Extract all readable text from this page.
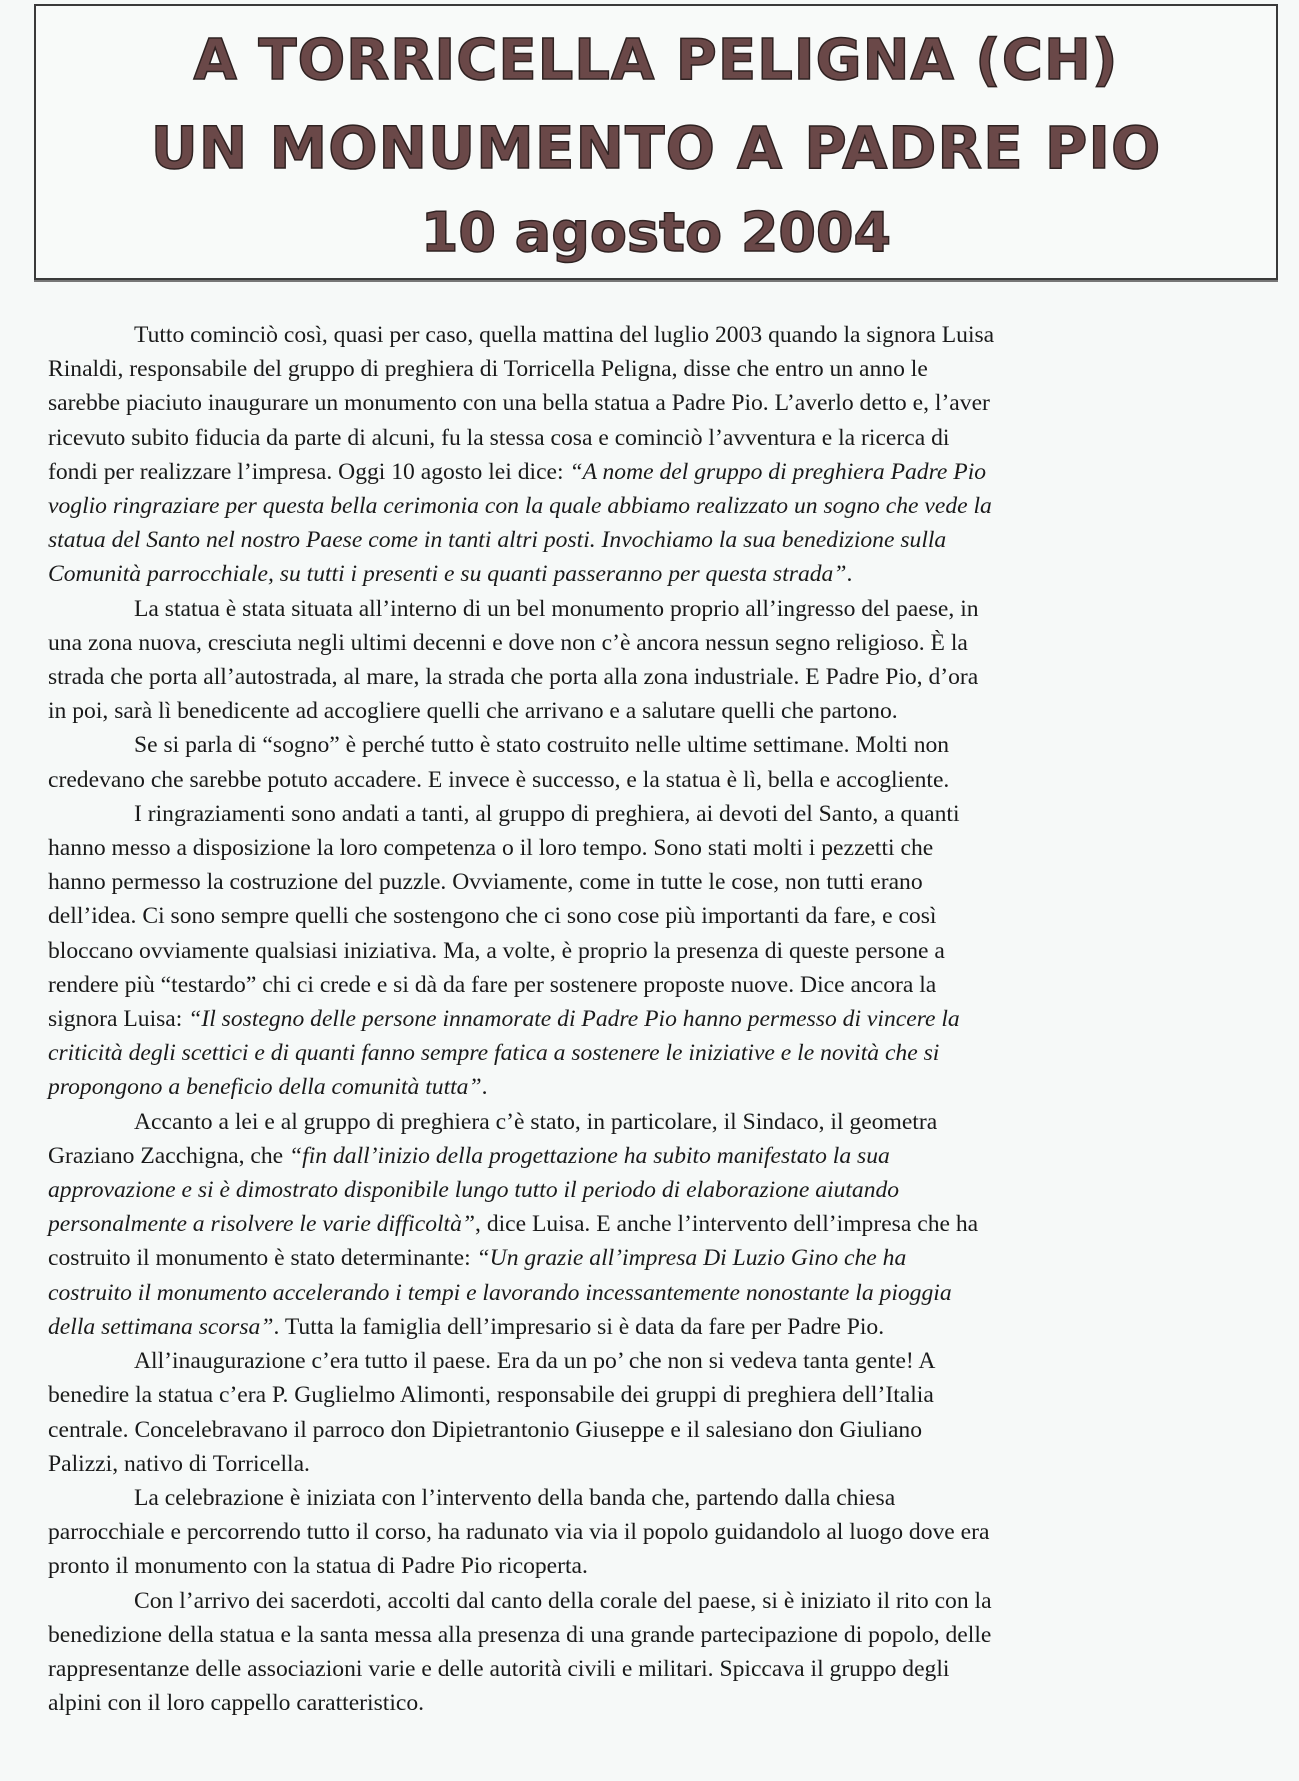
A TORRICELLA PELIGNA (CH)
UN MONUMENTO A PADRE PIO
10 agosto 2004
Tutto cominciò così, quasi per caso, quella mattina del luglio 2003 quando la signora Luisa
Rinaldi, responsabile del gruppo di preghiera di Torricella Peligna, disse che entro un anno le
sarebbe piaciuto inaugurare un monumento con una bella statua a Padre Pio. L’averlo detto e, l’aver
ricevuto subito fiducia da parte di alcuni, fu la stessa cosa e cominciò l’avventura e la ricerca di
fondi per realizzare l’impresa. Oggi 10 agosto lei dice: “A nome del gruppo di preghiera Padre Pio
voglio ringraziare per questa bella cerimonia con la quale abbiamo realizzato un sogno che vede la
statua del Santo nel nostro Paese come in tanti altri posti. Invochiamo la sua benedizione sulla
Comunità parrocchiale, su tutti i presenti e su quanti passeranno per questa strada”.
La statua è stata situata all’interno di un bel monumento proprio all’ingresso del paese, in
una zona nuova, cresciuta negli ultimi decenni e dove non c’è ancora nessun segno religioso. È la
strada che porta all’autostrada, al mare, la strada che porta alla zona industriale. E Padre Pio, d’ora
in poi, sarà lì benedicente ad accogliere quelli che arrivano e a salutare quelli che partono.
Se si parla di “sogno” è perché tutto è stato costruito nelle ultime settimane. Molti non
credevano che sarebbe potuto accadere. E invece è successo, e la statua è lì, bella e accogliente.
I ringraziamenti sono andati a tanti, al gruppo di preghiera, ai devoti del Santo, a quanti
hanno messo a disposizione la loro competenza o il loro tempo. Sono stati molti i pezzetti che
hanno permesso la costruzione del puzzle. Ovviamente, come in tutte le cose, non tutti erano
dell’idea. Ci sono sempre quelli che sostengono che ci sono cose più importanti da fare, e così
bloccano ovviamente qualsiasi iniziativa. Ma, a volte, è proprio la presenza di queste persone a
rendere più “testardo” chi ci crede e si dà da fare per sostenere proposte nuove. Dice ancora la
signora Luisa: “Il sostegno delle persone innamorate di Padre Pio hanno permesso di vincere la
criticità degli scettici e di quanti fanno sempre fatica a sostenere le iniziative e le novità che si
propongono a beneficio della comunità tutta”.
Accanto a lei e al gruppo di preghiera c’è stato, in particolare, il Sindaco, il geometra
Graziano Zacchigna, che “fin dall’inizio della progettazione ha subito manifestato la sua
approvazione e si è dimostrato disponibile lungo tutto il periodo di elaborazione aiutando
personalmente a risolvere le varie difficoltà”, dice Luisa. E anche l’intervento dell’impresa che ha
costruito il monumento è stato determinante: “Un grazie all’impresa Di Luzio Gino che ha
costruito il monumento accelerando i tempi e lavorando incessantemente nonostante la pioggia
della settimana scorsa”. Tutta la famiglia dell’impresario si è data da fare per Padre Pio.
All’inaugurazione c’era tutto il paese. Era da un po’ che non si vedeva tanta gente! A
benedire la statua c’era P. Guglielmo Alimonti, responsabile dei gruppi di preghiera dell’Italia
centrale. Concelebravano il parroco don Dipietrantonio Giuseppe e il salesiano don Giuliano
Palizzi, nativo di Torricella.
La celebrazione è iniziata con l’intervento della banda che, partendo dalla chiesa
parrocchiale e percorrendo tutto il corso, ha radunato via via il popolo guidandolo al luogo dove era
pronto il monumento con la statua di Padre Pio ricoperta.
Con l’arrivo dei sacerdoti, accolti dal canto della corale del paese, si è iniziato il rito con la
benedizione della statua e la santa messa alla presenza di una grande partecipazione di popolo, delle
rappresentanze delle associazioni varie e delle autorità civili e militari. Spiccava il gruppo degli
alpini con il loro cappello caratteristico.
